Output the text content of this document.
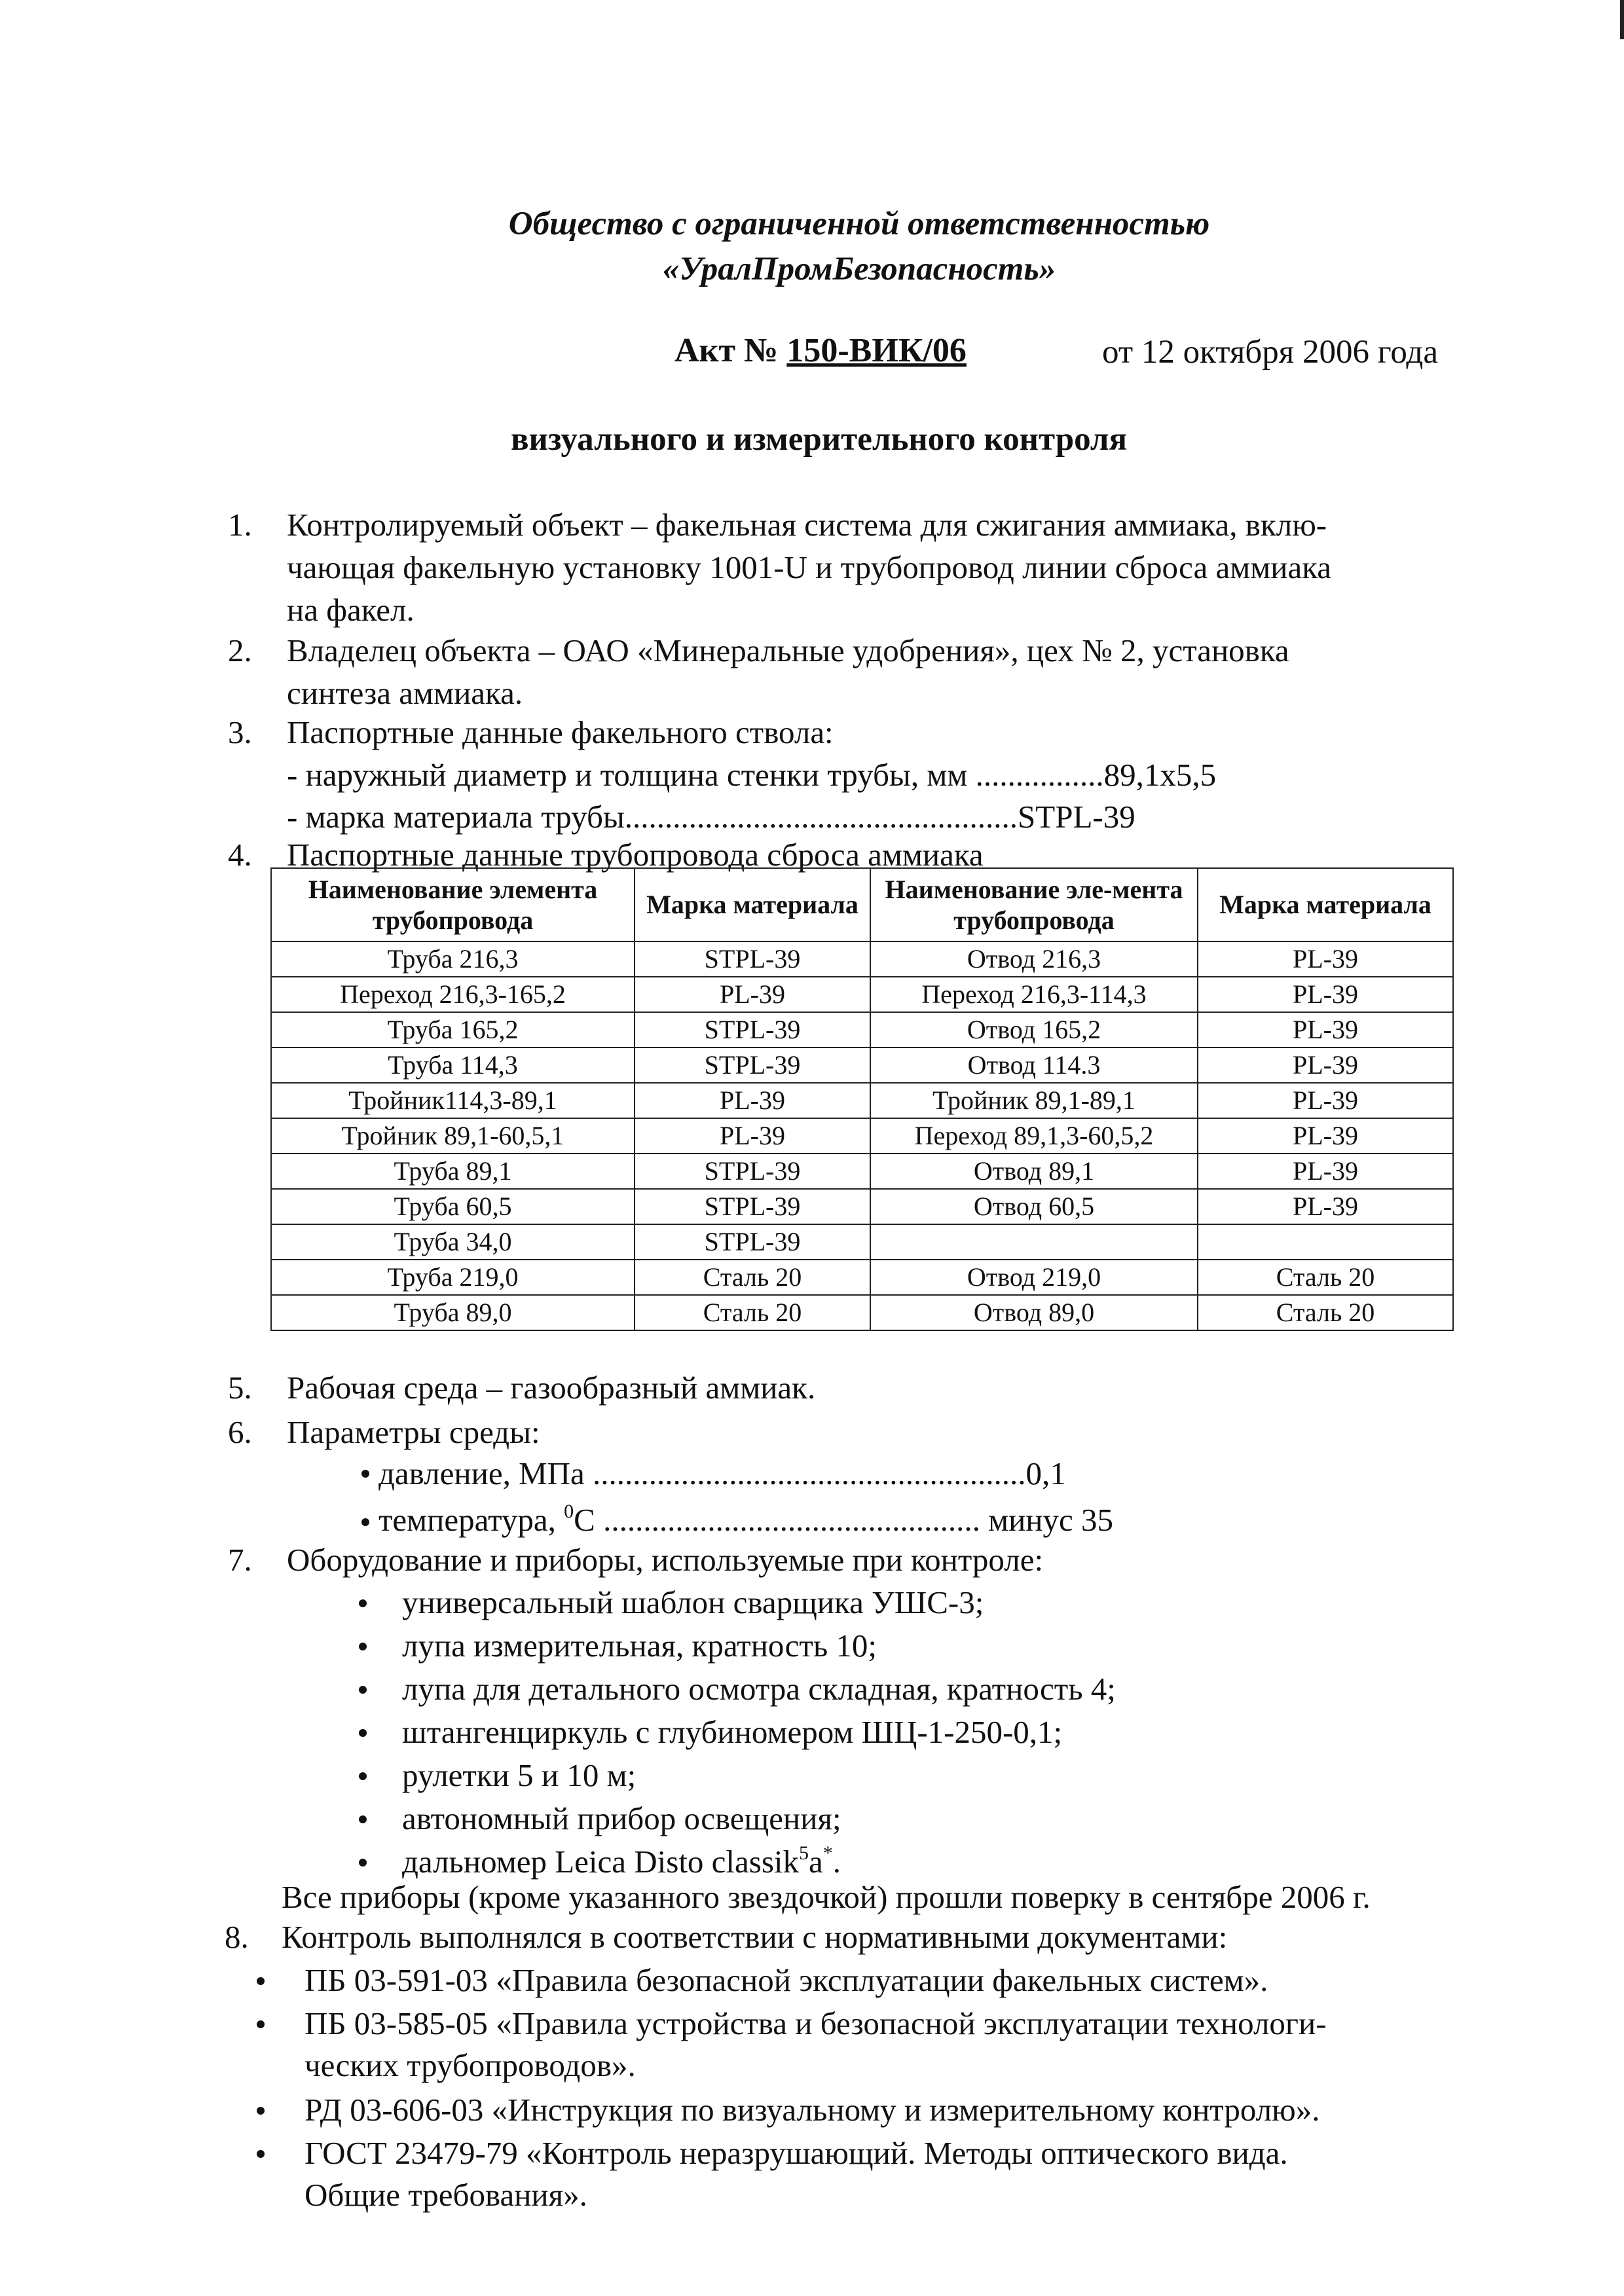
Общество с ограниченной ответственностью
«УралПромБезопасность»
Акт № 150-ВИК/06	от 12 октября 2006 года
визуального и измерительного контроля
1. Контролируемый объект – факельная система для сжигания аммиака, вклю-
чающая факельную установку 1001-U и трубопровод линии сброса аммиака
на факел.
2. Владелец объекта – ОАО «Минеральные удобрения», цех № 2, установка
синтеза аммиака.
3. Паспортные данные факельного ствола:
- наружный диаметр и толщина стенки трубы, мм ................89,1х5,5
- марка материала трубы.................................................STPL-39
4. Паспортные данные трубопровода сброса аммиака
Наименование элемента трубопровода	Марка материала	Наименование эле-мента трубопровода	Марка материала
Труба 216,3	STPL-39	Отвод 216,3	PL-39
Переход 216,3-165,2	PL-39	Переход 216,3-114,3	PL-39
Труба 165,2	STPL-39	Отвод 165,2	PL-39
Труба 114,3	STPL-39	Отвод 114.3	PL-39
Тройник114,3-89,1	PL-39	Тройник 89,1-89,1	PL-39
Тройник 89,1-60,5,1	PL-39	Переход 89,1,3-60,5,2	PL-39
Труба 89,1	STPL-39	Отвод 89,1	PL-39
Труба 60,5	STPL-39	Отвод 60,5	PL-39
Труба 34,0	STPL-39		
Труба 219,0	Сталь 20	Отвод 219,0	Сталь 20
Труба 89,0	Сталь 20	Отвод 89,0	Сталь 20
5. Рабочая среда – газообразный аммиак.
6. Параметры среды:
давление, МПа ......................................................0,1
температура, $^0$С ............................................... минус 35
7. Оборудование и приборы, используемые при контроле:
универсальный шаблон сварщика УШС-3;
лупа измерительная, кратность 10;
лупа для детального осмотра складная, кратность 4;
штангенциркуль с глубиномером ШЦ-1-250-0,1;
рулетки 5 и 10 м;
автономный прибор освещения;
дальномер Leica Disto classik$^5$а*.
Все приборы (кроме указанного звездочкой) прошли поверку в сентябре 2006 г.
8. Контроль выполнялся в соответствии с нормативными документами:
ПБ 03-591-03 «Правила безопасной эксплуатации факельных систем».
ПБ 03-585-05 «Правила устройства и безопасной эксплуатации технологи-
ческих трубопроводов».
РД 03-606-03 «Инструкция по визуальному и измерительному контролю».
ГОСТ 23479-79 «Контроль неразрушающий. Методы оптического вида.
Общие требования».
